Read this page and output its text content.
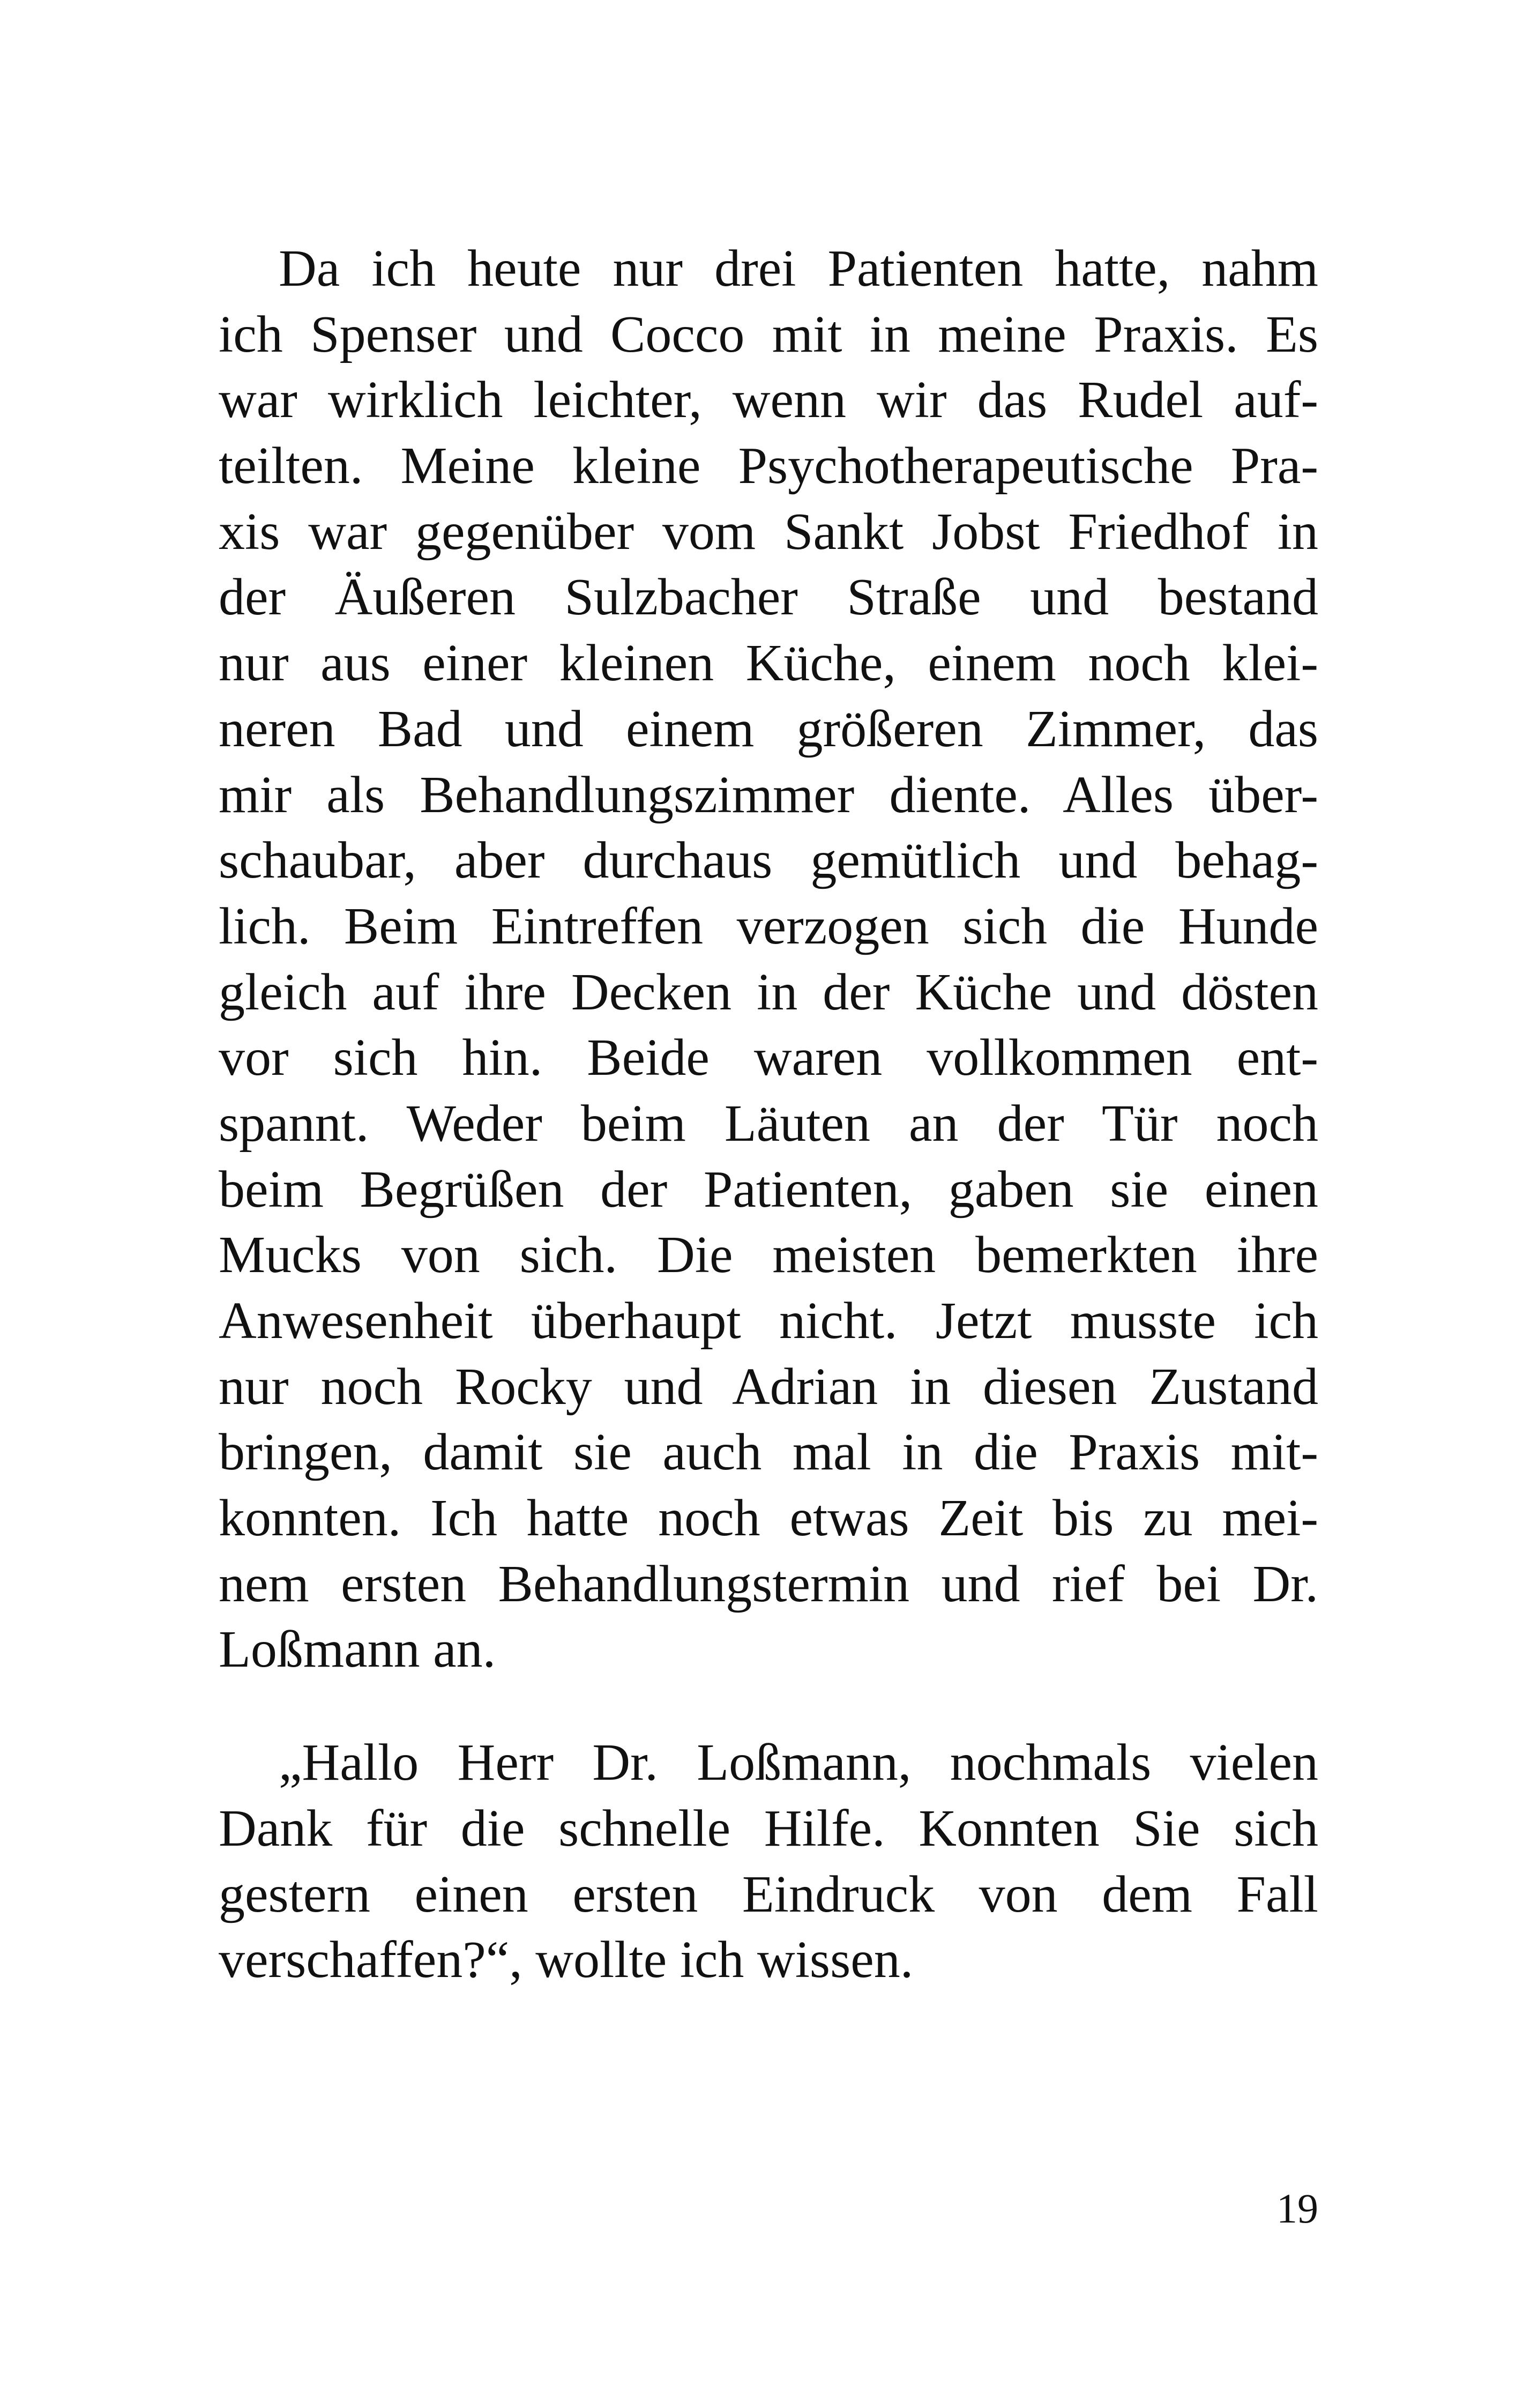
Da ich heute nur drei Patienten hatte, nahm
ich Spenser und Cocco mit in meine Praxis. Es
war wirklich leichter, wenn wir das Rudel auf-
teilten. Meine kleine Psychotherapeutische Pra-
xis war gegenüber vom Sankt Jobst Friedhof in
der Äußeren Sulzbacher Straße und bestand
nur aus einer kleinen Küche, einem noch klei-
neren Bad und einem größeren Zimmer, das
mir als Behandlungszimmer diente. Alles über-
schaubar, aber durchaus gemütlich und behag-
lich. Beim Eintreffen verzogen sich die Hunde
gleich auf ihre Decken in der Küche und dösten
vor sich hin. Beide waren vollkommen ent-
spannt. Weder beim Läuten an der Tür noch
beim Begrüßen der Patienten, gaben sie einen
Mucks von sich. Die meisten bemerkten ihre
Anwesenheit überhaupt nicht. Jetzt musste ich
nur noch Rocky und Adrian in diesen Zustand
bringen, damit sie auch mal in die Praxis mit-
konnten. Ich hatte noch etwas Zeit bis zu mei-
nem ersten Behandlungstermin und rief bei Dr.
Loßmann an.
„Hallo Herr Dr. Loßmann, nochmals vielen
Dank für die schnelle Hilfe. Konnten Sie sich
gestern einen ersten Eindruck von dem Fall
verschaffen?“, wollte ich wissen.
19
